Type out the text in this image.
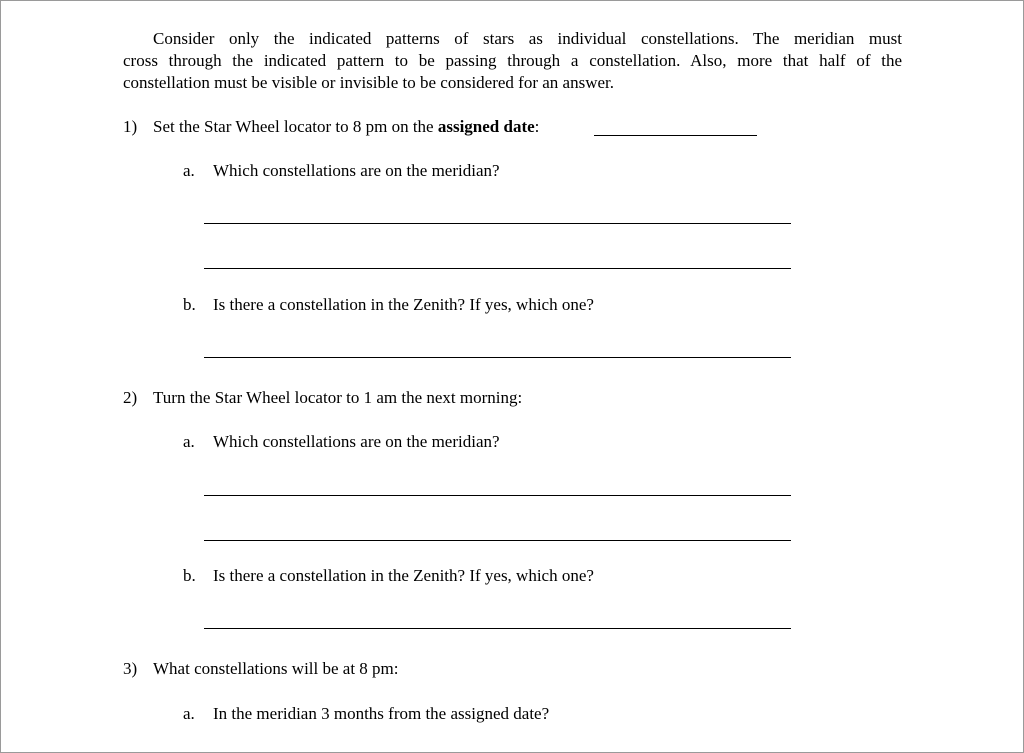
Consider only the indicated patterns of stars as individual constellations. The meridian must
cross through the indicated pattern to be passing through a constellation. Also, more that half of the
constellation must be visible or invisible to be considered for an answer.
1) Set the Star Wheel locator to 8 pm on the assigned date:
a. Which constellations are on the meridian?
b. Is there a constellation in the Zenith? If yes, which one?
2) Turn the Star Wheel locator to 1 am the next morning:
a. Which constellations are on the meridian?
b. Is there a constellation in the Zenith? If yes, which one?
3) What constellations will be at 8 pm:
a. In the meridian 3 months from the assigned date?
